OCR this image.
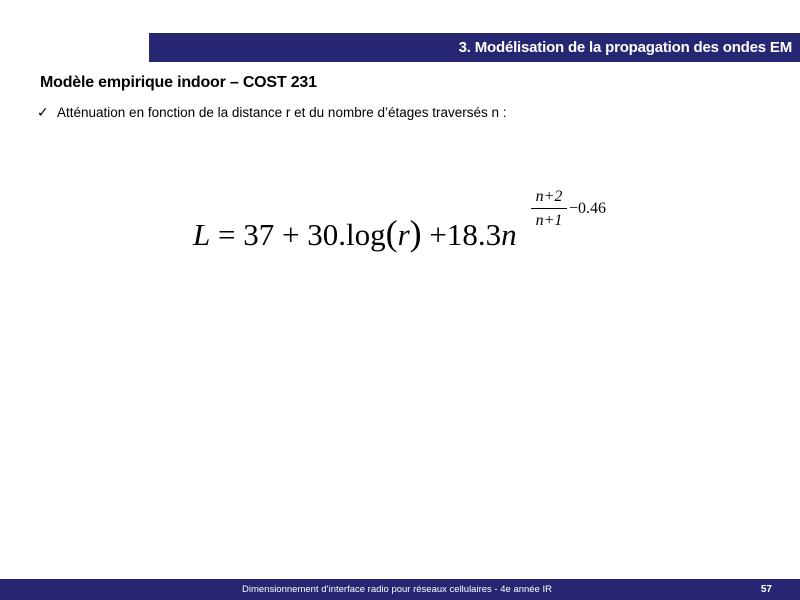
3. Modélisation de la propagation des ondes EM
Modèle empirique indoor – COST 231
✓ Atténuation en fonction de la distance r et du nombre d’étages traversés n :
L = 37 + 30.log(r) +18.3n
$\frac{n+2}{n+1} -0.46$
Dimensionnement d’interface radio pour réseaux cellulaires - 4e année IR	57
